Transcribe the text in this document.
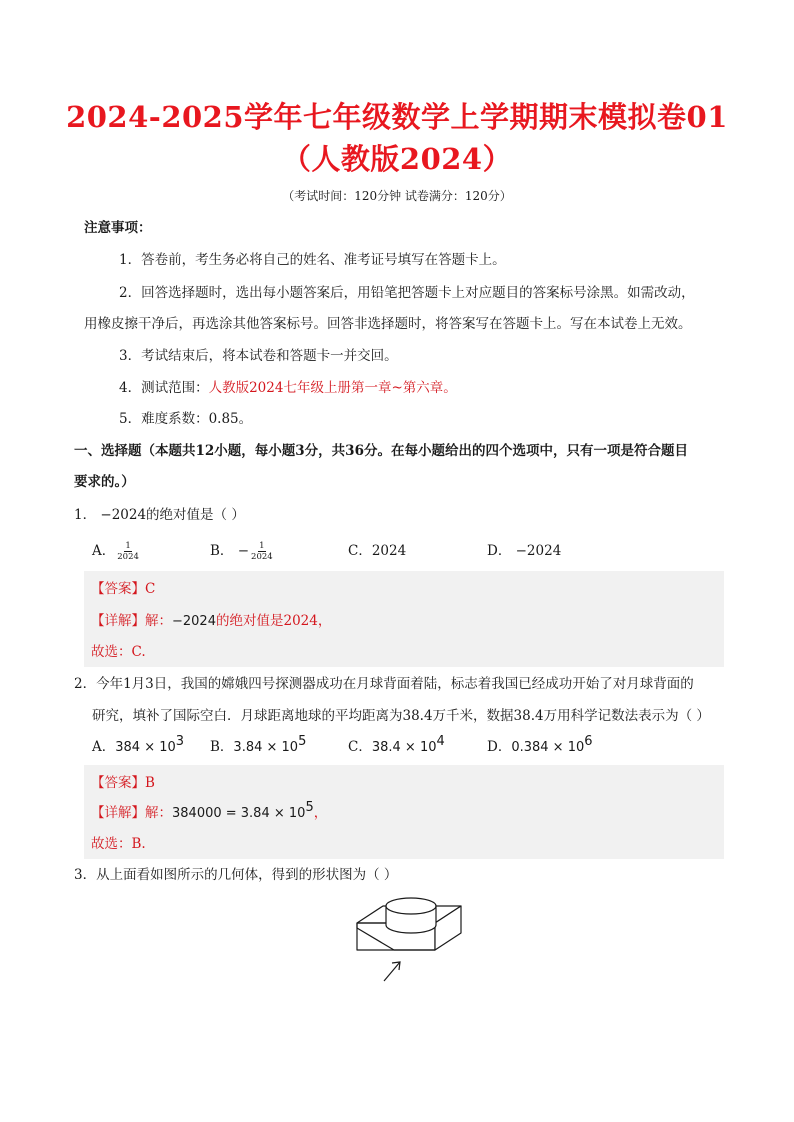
2024-2025学年七年级数学上学期期末模拟卷01
（人教版2024）
（考试时间：120分钟 试卷满分：120分）
注意事项：
1．答卷前，考生务必将自己的姓名、准考证号填写在答题卡上。
2．回答选择题时，选出每小题答案后，用铅笔把答题卡上对应题目的答案标号涂黑。如需改动，
用橡皮擦干净后，再选涂其他答案标号。回答非选择题时，将答案写在答题卡上。写在本试卷上无效。
3．考试结束后，将本试卷和答题卡一并交回。
4．测试范围：人教版2024七年级上册第一章~第六章。
5．难度系数：0.85。
一、选择题（本题共12小题，每小题3分，共36分。在每小题给出的四个选项中，只有一项是符合题目
要求的。）
1． −2024的绝对值是（ ）
A． $\frac{1}{2024}$	B． − $\frac{1}{2024}$	C．2024	D． −2024
【答案】C
【详解】解：−2024的绝对值是2024，
故选：C.
2．今年1月3日，我国的嫦娥四号探测器成功在月球背面着陆，标志着我国已经成功开始了对月球背面的
研究，填补了国际空白．月球距离地球的平均距离为38.4万千米，数据38.4万用科学记数法表示为（ ）
A．$384 \times 10^3$ B．$3.84 \times 10^5$	C．$38.4 \times 10^4$	D．$0.384 \times 10^6$
【答案】B
【详解】解：$384000 = 3.84 \times 10^5$，
故选：B.
3．从上面看如图所示的几何体，得到的形状图为（ ）
